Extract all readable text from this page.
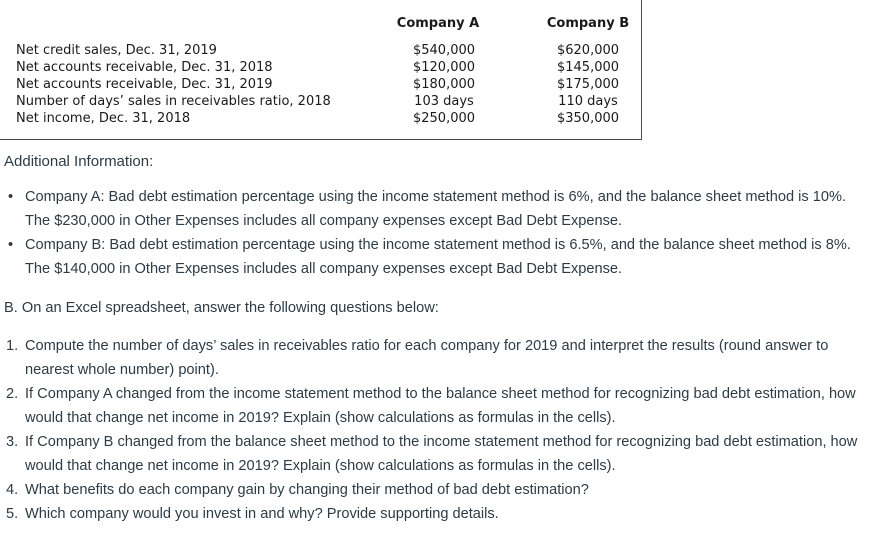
Company A	Company B
Net credit sales, Dec. 31, 2019
Net accounts receivable, Dec. 31, 2018
Net accounts receivable, Dec. 31, 2019
Number of days’ sales in receivables ratio, 2018
Net income, Dec. 31, 2018
$540,000
$120,000
$180,000
103 days
$250,000
$620,000
$145,000
$175,000
110 days
$350,000
Additional Information:
• Company A: Bad debt estimation percentage using the income statement method is 6%, and the balance sheet method is 10%. The $230,000 in Other Expenses includes all company expenses except Bad Debt Expense.
• Company B: Bad debt estimation percentage using the income statement method is 6.5%, and the balance sheet method is 8%. The $140,000 in Other Expenses includes all company expenses except Bad Debt Expense.
B. On an Excel spreadsheet, answer the following questions below:
1. Compute the number of days’ sales in receivables ratio for each company for 2019 and interpret the results (round answer to nearest whole number) point).
2. If Company A changed from the income statement method to the balance sheet method for recognizing bad debt estimation, how would that change net income in 2019? Explain (show calculations as formulas in the cells).
3. If Company B changed from the balance sheet method to the income statement method for recognizing bad debt estimation, how would that change net income in 2019? Explain (show calculations as formulas in the cells).
4. What benefits do each company gain by changing their method of bad debt estimation?
5. Which company would you invest in and why? Provide supporting details.
